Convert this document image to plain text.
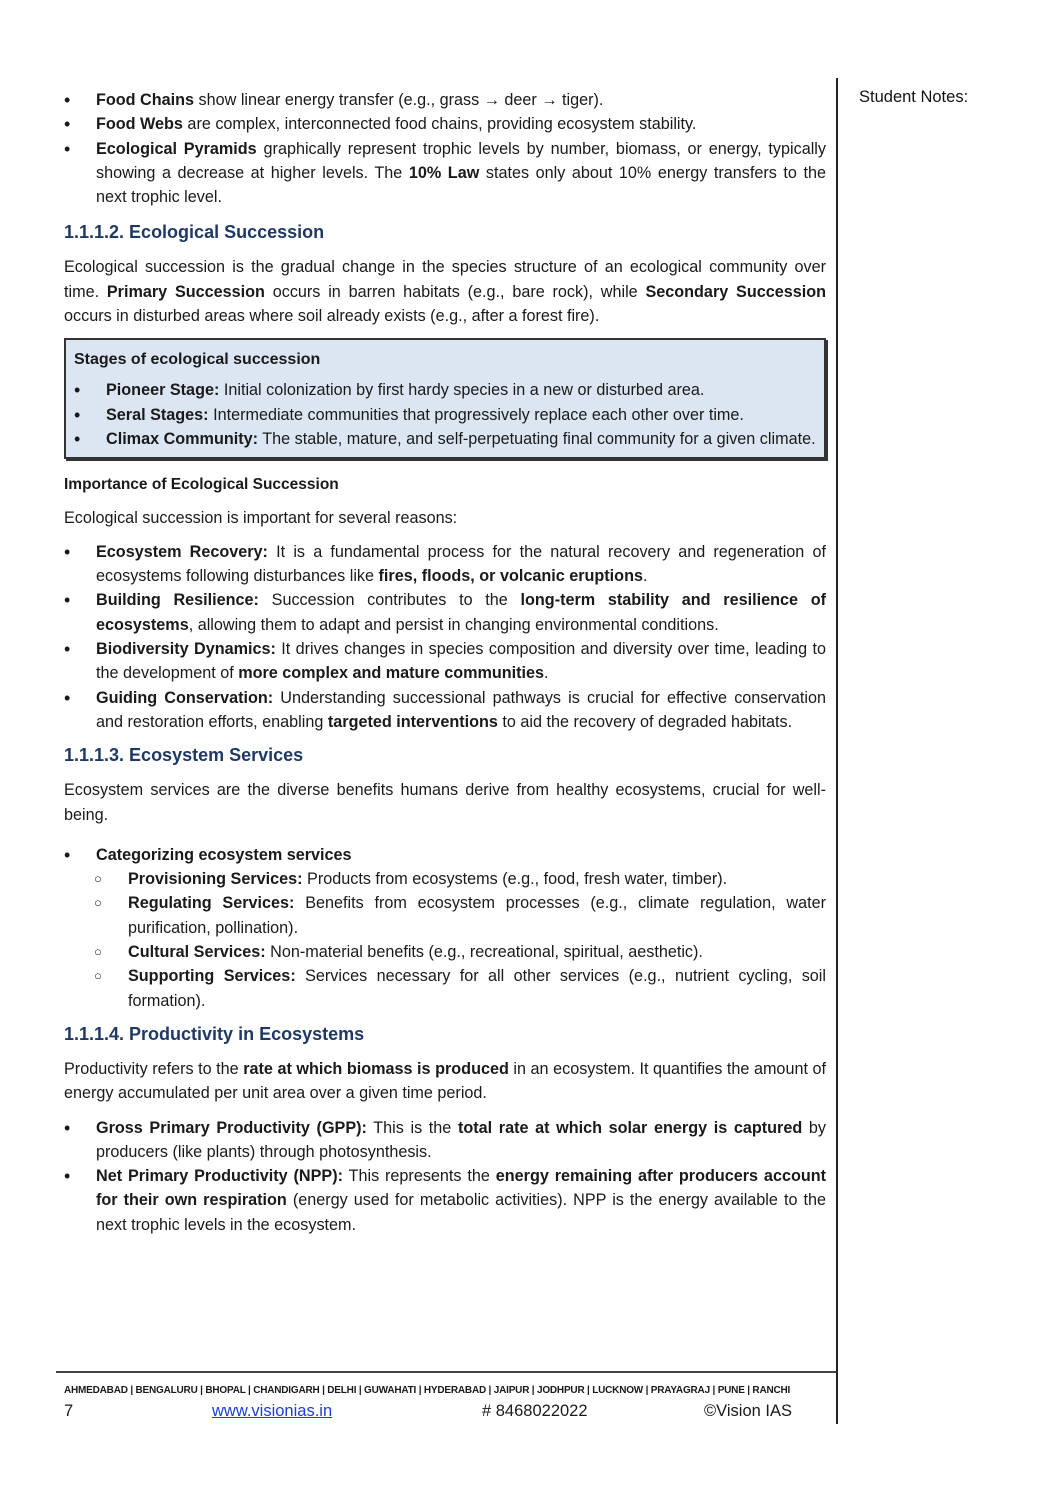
Student Notes:
• Food Chains show linear energy transfer (e.g., grass → deer → tiger).
• Food Webs are complex, interconnected food chains, providing ecosystem stability.
• Ecological Pyramids graphically represent trophic levels by number, biomass, or energy, typically showing a decrease at higher levels. The 10% Law states only about 10% energy transfers to the next trophic level.
1.1.1.2. Ecological Succession

Ecological succession is the gradual change in the species structure of an ecological community over time. Primary Succession occurs in barren habitats (e.g., bare rock), while Secondary Succession occurs in disturbed areas where soil already exists (e.g., after a forest fire).

Stages of ecological succession
• Pioneer Stage: Initial colonization by first hardy species in a new or disturbed area.
• Seral Stages: Intermediate communities that progressively replace each other over time.
• Climax Community: The stable, mature, and self-perpetuating final community for a given climate.
Importance of Ecological Succession

Ecological succession is important for several reasons:

• Ecosystem Recovery: It is a fundamental process for the natural recovery and regeneration of ecosystems following disturbances like fires, floods, or volcanic eruptions.
• Building Resilience: Succession contributes to the long-term stability and resilience of ecosystems, allowing them to adapt and persist in changing environmental conditions.
• Biodiversity Dynamics: It drives changes in species composition and diversity over time, leading to the development of more complex and mature communities.
• Guiding Conservation: Understanding successional pathways is crucial for effective conservation and restoration efforts, enabling targeted interventions to aid the recovery of degraded habitats.
1.1.1.3. Ecosystem Services

Ecosystem services are the diverse benefits humans derive from healthy ecosystems, crucial for well-being.

• Categorizing ecosystem services
○ Provisioning Services: Products from ecosystems (e.g., food, fresh water, timber).
○ Regulating Services: Benefits from ecosystem processes (e.g., climate regulation, water purification, pollination).
○ Cultural Services: Non-material benefits (e.g., recreational, spiritual, aesthetic).
○ Supporting Services: Services necessary for all other services (e.g., nutrient cycling, soil formation).
1.1.1.4. Productivity in Ecosystems

Productivity refers to the rate at which biomass is produced in an ecosystem. It quantifies the amount of energy accumulated per unit area over a given time period.

• Gross Primary Productivity (GPP): This is the total rate at which solar energy is captured by producers (like plants) through photosynthesis.
• Net Primary Productivity (NPP): This represents the energy remaining after producers account for their own respiration (energy used for metabolic activities). NPP is the energy available to the next trophic levels in the ecosystem.
AHMEDABAD | BENGALURU | BHOPAL | CHANDIGARH | DELHI | GUWAHATI | HYDERABAD | JAIPUR | JODHPUR | LUCKNOW | PRAYAGRAJ | PUNE | RANCHI
7	www.visionias.in	# 8468022022	©Vision IAS
